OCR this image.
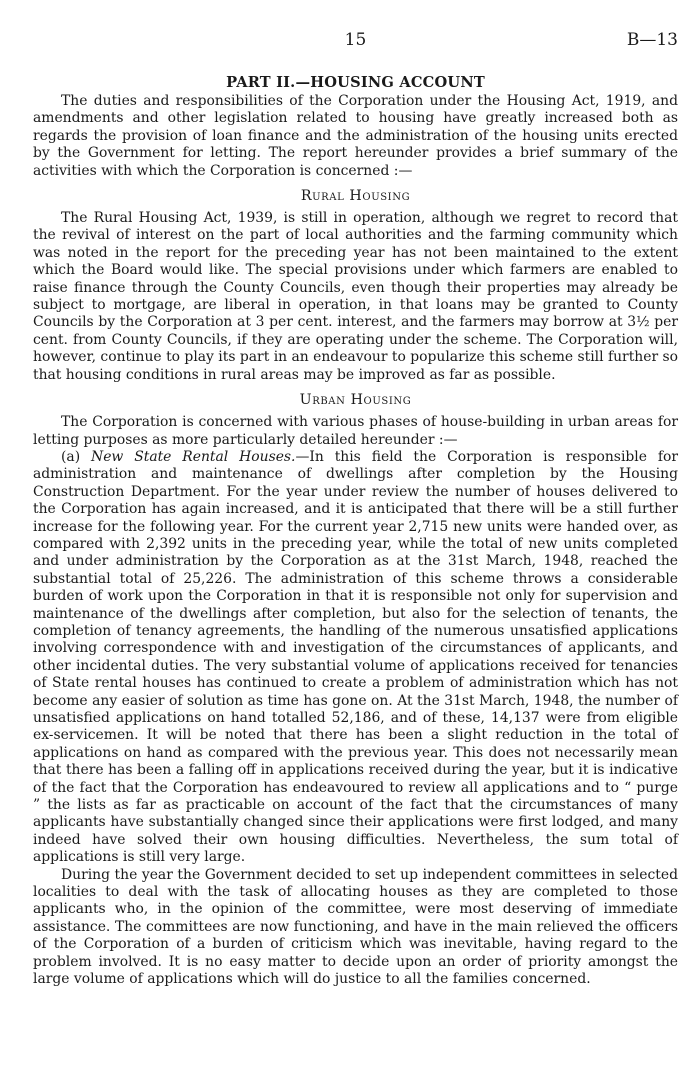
15	B—13
PART II.—HOUSING ACCOUNT

The duties and responsibilities of the Corporation under the Housing Act, 1919, and amendments and other legislation related to housing have greatly increased both as regards the provision of loan finance and the administration of the housing units erected by the Government for letting. The report hereunder provides a brief summary of the activities with which the Corporation is concerned :—

Rural Housing

The Rural Housing Act, 1939, is still in operation, although we regret to record that the revival of interest on the part of local authorities and the farming community which was noted in the report for the preceding year has not been maintained to the extent which the Board would like. The special provisions under which farmers are enabled to raise finance through the County Councils, even though their properties may already be subject to mortgage, are liberal in operation, in that loans may be granted to County Councils by the Corporation at 3 per cent. interest, and the farmers may borrow at 3½ per cent. from County Councils, if they are operating under the scheme. The Corporation will, however, continue to play its part in an endeavour to popularize this scheme still further so that housing conditions in rural areas may be improved as far as possible.

Urban Housing

The Corporation is concerned with various phases of house-building in urban areas for letting purposes as more particularly detailed hereunder :—

(a) New State Rental Houses.—In this field the Corporation is responsible for administration and maintenance of dwellings after completion by the Housing Construction Department. For the year under review the number of houses delivered to the Corporation has again increased, and it is anticipated that there will be a still further increase for the following year. For the current year 2,715 new units were handed over, as compared with 2,392 units in the preceding year, while the total of new units completed and under administration by the Corporation as at the 31st March, 1948, reached the substantial total of 25,226. The administration of this scheme throws a considerable burden of work upon the Corporation in that it is responsible not only for supervision and maintenance of the dwellings after completion, but also for the selection of tenants, the completion of tenancy agreements, the handling of the numerous unsatisfied applications involving correspondence with and investigation of the circumstances of applicants, and other incidental duties. The very substantial volume of applications received for tenancies of State rental houses has continued to create a problem of administration which has not become any easier of solution as time has gone on. At the 31st March, 1948, the number of unsatisfied applications on hand totalled 52,186, and of these, 14,137 were from eligible ex-servicemen. It will be noted that there has been a slight reduction in the total of applications on hand as compared with the previous year. This does not necessarily mean that there has been a falling off in applications received during the year, but it is indicative of the fact that the Corporation has endeavoured to review all applications and to “ purge ” the lists as far as practicable on account of the fact that the circumstances of many applicants have substantially changed since their applications were first lodged, and many indeed have solved their own housing difficulties. Nevertheless, the sum total of applications is still very large.

During the year the Government decided to set up independent committees in selected localities to deal with the task of allocating houses as they are completed to those applicants who, in the opinion of the committee, were most deserving of immediate assistance. The committees are now functioning, and have in the main relieved the officers of the Corporation of a burden of criticism which was inevitable, having regard to the problem involved. It is no easy matter to decide upon an order of priority amongst the large volume of applications which will do justice to all the families concerned.
